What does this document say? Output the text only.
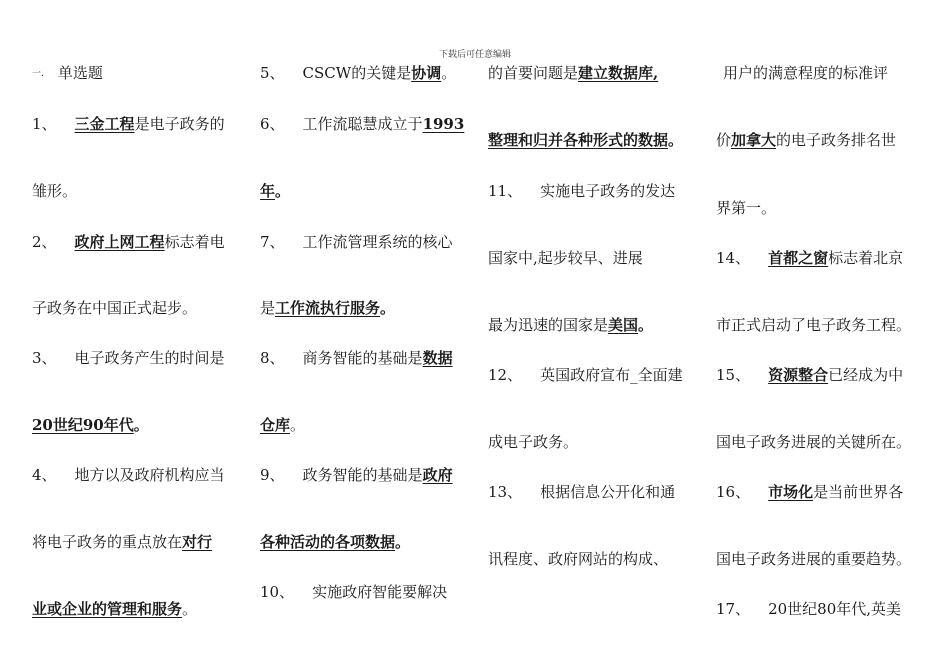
下载后可任意编辑
一. 单选题
1、 三金工程是电子政务的
雏形。
2、 政府上网工程标志着电
子政务在中国正式起步。
3、 电子政务产生的时间是
20世纪90年代。
4、 地方以及政府机构应当
将电子政务的重点放在对行
业或企业的管理和服务。
5、 CSCW的关键是协调。
6、 工作流聪慧成立于1993
年。
7、 工作流管理系统的核心
是工作流执行服务。
8、 商务智能的基础是数据
仓库。
9、 政务智能的基础是政府
各种活动的各项数据。
10、 实施政府智能要解决
的首要问题是建立数据库,
整理和归并各种形式的数据。
11、 实施电子政务的发达
国家中,起步较早、进展
最为迅速的国家是美国。
12、 英国政府宣布_全面建
成电子政务。
13、 根据信息公开化和通
讯程度、政府网站的构成、
用户的满意程度的标准评
价加拿大的电子政务排名世
界第一。
14、 首都之窗标志着北京
市正式启动了电子政务工程。
15、 资源整合已经成为中
国电子政务进展的关键所在。
16、 市场化是当前世界各
国电子政务进展的重要趋势。
17、 20世纪80年代,英美
